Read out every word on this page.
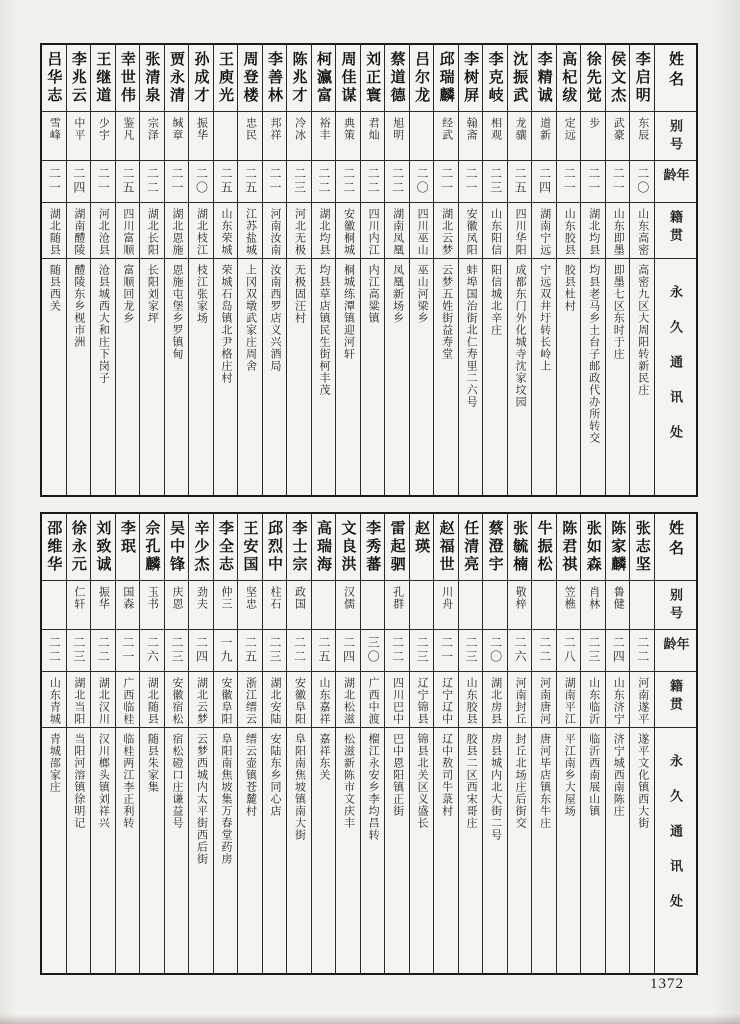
姓名
别号
年龄
籍贯
永久通讯处
李启明
东辰
二〇
山东高密
高密九区大周阳转新民庄
侯文杰
武豪
二一
山东即墨
即墨七区东时于庄
徐先觉
步
二一
湖北均县
均县老马乡土台子邮政代办所转交
高杞绂
定远
二一
山东胶县
胶县杜村
李精诚
道新
二四
湖南宁远
宁远双井圩转长岭上
沈振武
龙骧
二五
四川华阳
成都东门外化城寺沈家坟园
李克岐
相观
二三
山东阳信
阳信城北辛庄
李树屏
翰斋
二一
安徽凤阳
蚌埠国治街北仁寿里二六号
邱瑞麟
经武
二一
湖北云梦
云梦五姓街益寿堂
吕尔龙
二〇
四川巫山
巫山河梁乡
蔡道德
旭明
二二
湖南凤凰
凤凰新场乡
刘正寰
君灿
二二
四川内江
内江高粱镇
周佳谋
典策
二二
安徽桐城
桐城练潭镇迎河轩
柯瀛富
裕丰
二二
湖北均县
均县草店镇民生街柯丰茂
陈兆才
冷冰
二三
河北无极
无极固汪村
李善林
邦祥
二一
河南汝南
汝南西罗店义兴酒局
周登楼
忠民
二五
江苏盐城
上冈双墩武家庄周舍
王庾光
二五
山东荣城
荣城石岛镇北尹格庄村
孙成才
振华
二〇
湖北枝江
枝江张家场
贾永清
缄章
二一
湖北恩施
恩施屯堡乡罗镇甸
张清泉
宗泽
二二
湖北长阳
长阳刘家坪
幸世伟
鉴凡
二五
四川富顺
富顺回龙乡
王继道
少宇
二一
河北沧县
沧县城西大和庄下岗子
李兆云
中平
二四
湖南醴陵
醴陵东乡枧市洲
吕华志
雪峰
二一
湖北随县
随县西关
姓名
别号
年龄
籍贯
永久通讯处
张志坚
二二
河南遂平
遂平文化镇西大街
陈家麟
鲁健
二四
山东济宁
济宁城西南陈庄
张如森
肖林
二三
山东临沂
临沂西南展山镇
陈君祺
笠樵
二八
湖南平江
平江南乡大屋场
牛振松
二二
河南唐河
唐河毕店镇东牛庄
张毓楠
敬梓
二六
河南封丘
封丘北场庄后街交
蔡澄宇
二〇
湖北房县
房县城内北大街二号
任清亮
二三
山东胶县
胶县二区西宋哥庄
赵福世
川舟
二一
辽宁辽中
辽中敖司牛菉村
赵瑛
二三
辽宁锦县
锦县北关区义盛长
雷起驷
孔群
二二
四川巴中
巴中恩阳镇正街
李秀蕃
三〇
广西中渡
榴江永安乡李均昌转
文良洪
汉儒
二四
湖北松滋
松滋新陈市文庆丰
高瑞海
二五
山东嘉祥
嘉祥东关
李士宗
政国
二二
安徽阜阳
阜阳南焦坡镇南大街
邱烈中
柱石
二三
湖北安陆
安陆东乡同心店
王安国
坚忠
二五
浙江缙云
缙云壶镇苍麓村
李全志
仲三
一九
安徽阜阳
阜阳南焦坡集万春堂药房
辛少杰
劲夫
二四
湖北云梦
云梦西城内太平街西后街
吴中锋
庆恩
二三
安徽宿松
宿松磴口庄谦益号
佘孔麟
玉书
二六
湖北随县
随县朱家集
李珉
国森
二一
广西临桂
临桂两江李正利转
刘致诚
振华
二二
湖北汉川
汉川榔头镇刘祥兴
徐永元
仁轩
二三
湖北当阳
当阳河溶镇徐明记
邵维华
二二
山东青城
青城邵家庄
1372
